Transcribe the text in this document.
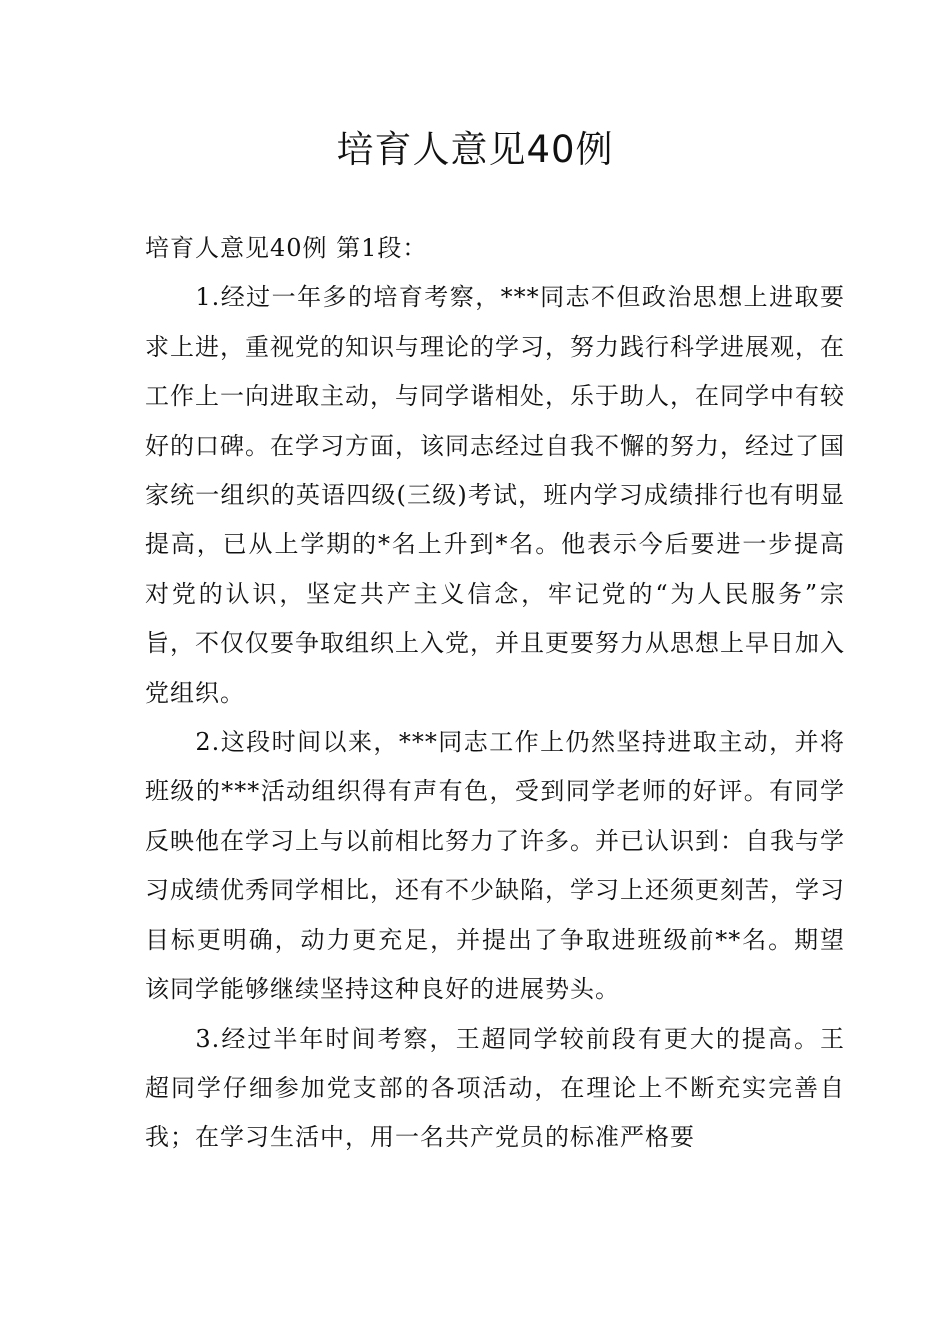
培育人意见40例

培育人意见40例 第1段：

1.经过一年多的培育考察，***同志不但政治思想上进取要求上进，重视党的知识与理论的学习，努力践行科学进展观，在工作上一向进取主动，与同学谐相处，乐于助人，在同学中有较好的口碑。在学习方面，该同志经过自我不懈的努力，经过了国家统一组织的英语四级(三级)考试，班内学习成绩排行也有明显提高，已从上学期的*名上升到*名。他表示今后要进一步提高对党的认识，坚定共产主义信念，牢记党的“为人民服务”宗旨，不仅仅要争取组织上入党，并且更要努力从思想上早日加入党组织。

2.这段时间以来，***同志工作上仍然坚持进取主动，并将班级的***活动组织得有声有色，受到同学老师的好评。有同学反映他在学习上与以前相比努力了许多。并已认识到：自我与学习成绩优秀同学相比，还有不少缺陷，学习上还须更刻苦，学习目标更明确，动力更充足，并提出了争取进班级前**名。期望该同学能够继续坚持这种良好的进展势头。

3.经过半年时间考察，王超同学较前段有更大的提高。王超同学仔细参加党支部的各项活动，在理论上不断充实完善自我；在学习生活中，用一名共产党员的标准严格要
